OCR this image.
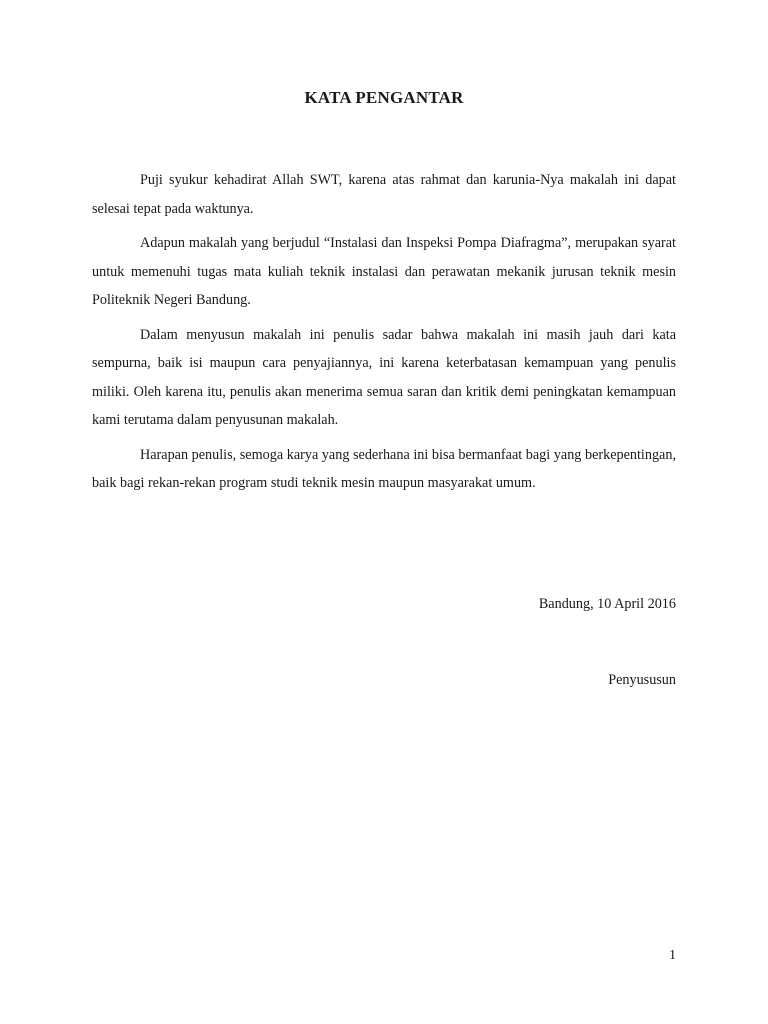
KATA PENGANTAR

Puji syukur kehadirat Allah SWT, karena atas rahmat dan karunia-Nya makalah ini dapat selesai tepat pada waktunya.

Adapun makalah yang berjudul “Instalasi dan Inspeksi Pompa Diafragma”, merupakan syarat untuk memenuhi tugas mata kuliah teknik instalasi dan perawatan mekanik jurusan teknik mesin Politeknik Negeri Bandung.

Dalam menyusun makalah ini penulis sadar bahwa makalah ini masih jauh dari kata sempurna, baik isi maupun cara penyajiannya, ini karena keterbatasan kemampuan yang penulis miliki. Oleh karena itu, penulis akan menerima semua saran dan kritik demi peningkatan kemampuan kami terutama dalam penyusunan makalah.

Harapan penulis, semoga karya yang sederhana ini bisa bermanfaat bagi yang berkepentingan, baik bagi rekan-rekan program studi teknik mesin maupun masyarakat umum.

Bandung, 10 April 2016
Penyususun
1
